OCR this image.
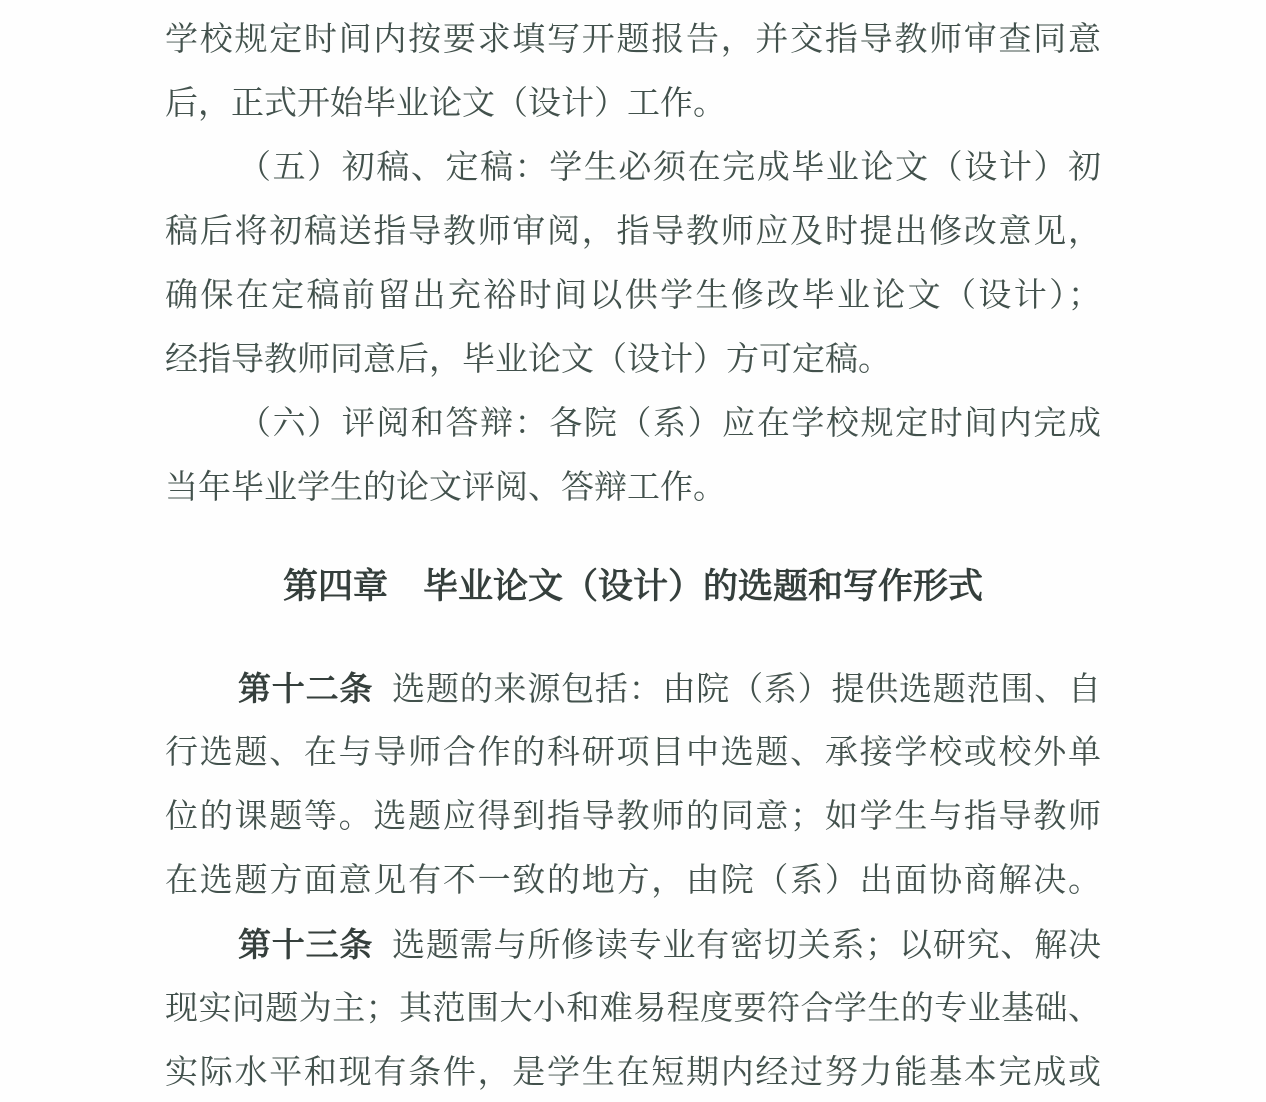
学校规定时间内按要求填写开题报告，并交指导教师审查同意

后，正式开始毕业论文（设计）工作。

（五）初稿、定稿：学生必须在完成毕业论文（设计）初

稿后将初稿送指导教师审阅，指导教师应及时提出修改意见，

确保在定稿前留出充裕时间以供学生修改毕业论文（设计）；

经指导教师同意后，毕业论文（设计）方可定稿。

（六）评阅和答辩：各院（系）应在学校规定时间内完成

当年毕业学生的论文评阅、答辩工作。

第四章　毕业论文（设计）的选题和写作形式

第十二条 选题的来源包括：由院（系）提供选题范围、自

行选题、在与导师合作的科研项目中选题、承接学校或校外单

位的课题等。选题应得到指导教师的同意；如学生与指导教师

在选题方面意见有不一致的地方，由院（系）出面协商解决。

第十三条 选题需与所修读专业有密切关系；以研究、解决

现实问题为主；其范围大小和难易程度要符合学生的专业基础、

实际水平和现有条件，是学生在短期内经过努力能基本完成或
